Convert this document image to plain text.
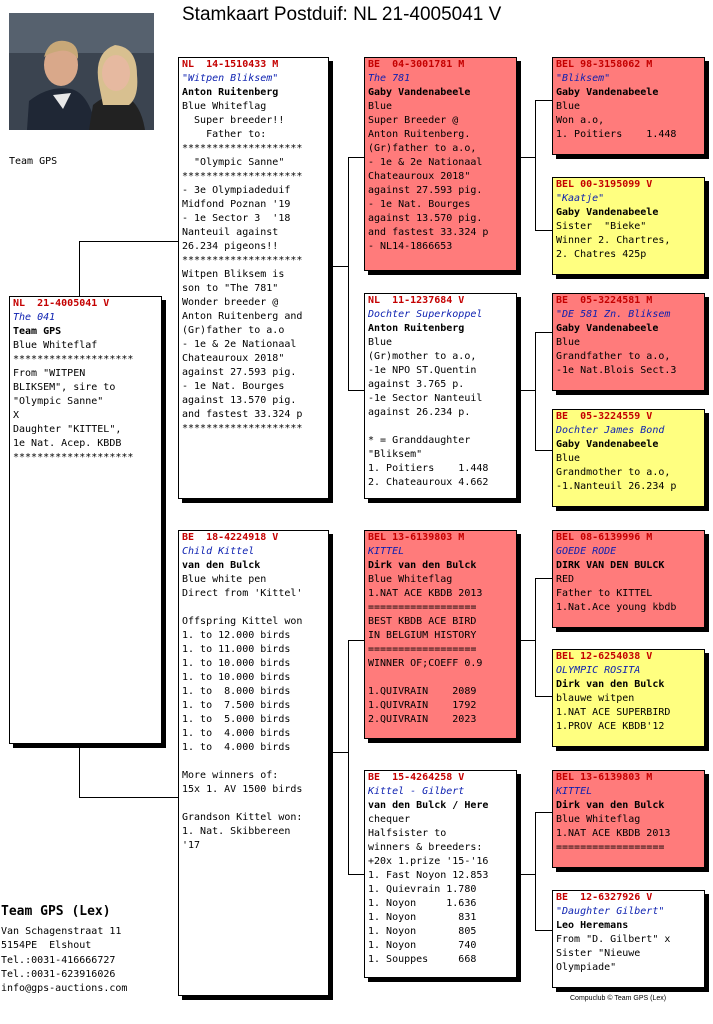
Stamkaart Postduif: NL 21-4005041 V
Team GPS
NL  21-4005041 V
The 041
Team GPS
Blue Whiteflaf
********************
From "WITPEN
BLIKSEM", sire to
"Olympic Sanne"
X
Daughter "KITTEL",
1e Nat. Acep. KBDB
********************
NL  14-1510433 M
"Witpen Bliksem"
Anton Ruitenberg
Blue Whiteflag
Super breeder!!
Father to:
********************
"Olympic Sanne"
********************
- 3e Olympiadeduif
Midfond Poznan '19
- 1e Sector 3  '18
Nanteuil against
26.234 pigeons!!
********************
Witpen Bliksem is
son to "The 781"
Wonder breeder @
Anton Ruitenberg and
(Gr)father to a.o
- 1e & 2e Nationaal
Chateauroux 2018"
against 27.593 pig.
- 1e Nat. Bourges
against 13.570 pig.
and fastest 33.324 p
********************
BE  18-4224918 V
Child Kittel
van den Bulck
Blue white pen
Direct from 'Kittel'
Offspring Kittel won
1. to 12.000 birds
1. to 11.000 birds
1. to 10.000 birds
1. to 10.000 birds
1. to  8.000 birds
1. to  7.500 birds
1. to  5.000 birds
1. to  4.000 birds
1. to  4.000 birds
More winners of:
15x 1. AV 1500 birds
Grandson Kittel won:
1. Nat. Skibbereen
'17
BE  04-3001781 M
The 781
Gaby Vandenabeele
Blue
Super Breeder @
Anton Ruitenberg.
(Gr)father to a.o,
- 1e & 2e Nationaal
Chateauroux 2018"
against 27.593 pig.
- 1e Nat. Bourges
against 13.570 pig.
and fastest 33.324 p
- NL14-1866653
NL  11-1237684 V
Dochter Superkoppel
Anton Ruitenberg
Blue
(Gr)mother to a.o,
-1e NPO ST.Quentin
against 3.765 p.
-1e Sector Nanteuil
against 26.234 p.
* = Granddaughter
"Bliksem"
1. Poitiers    1.448
2. Chateauroux 4.662
BEL 13-6139803 M
KITTEL
Dirk van den Bulck
Blue Whiteflag
1.NAT ACE KBDB 2013
==================
BEST KBDB ACE BIRD
IN BELGIUM HISTORY
==================
WINNER OF;COEFF 0.9
1.QUIVRAIN    2089
1.QUIVRAIN    1792
2.QUIVRAIN    2023
BE  15-4264258 V
Kittel - Gilbert
van den Bulck / Here
chequer
Halfsister to
winners & breeders:
+20x 1.prize '15-'16
1. Fast Noyon 12.853
1. Quievrain 1.780
1. Noyon     1.636
1. Noyon       831
1. Noyon       805
1. Noyon       740
1. Souppes     668
BEL 98-3158062 M
"Bliksem"
Gaby Vandenabeele
Blue
Won a.o,
1. Poitiers    1.448
BEL 00-3195099 V
"Kaatje"
Gaby Vandenabeele
Sister  "Bieke"
Winner 2. Chartres,
2. Chatres 425p
BE  05-3224581 M
"DE 581 Zn. Bliksem
Gaby Vandenabeele
Blue
Grandfather to a.o,
-1e Nat.Blois Sect.3
BE  05-3224559 V
Dochter James Bond
Gaby Vandenabeele
Blue
Grandmother to a.o,
-1.Nanteuil 26.234 p
BEL 08-6139996 M
GOEDE RODE
DIRK VAN DEN BULCK
RED
Father to KITTEL
1.Nat.Ace young kbdb
BEL 12-6254038 V
OLYMPIC ROSITA
Dirk van den Bulck
blauwe witpen
1.NAT ACE SUPERBIRD
1.PROV ACE KBDB'12
BEL 13-6139803 M
KITTEL
Dirk van den Bulck
Blue Whiteflag
1.NAT ACE KBDB 2013
==================
BE  12-6327926 V
"Daughter Gilbert"
Leo Heremans
From "D. Gilbert" x
Sister "Nieuwe
Olympiade"
Team GPS (Lex)
Van Schagenstraat 11
5154PE  Elshout
Tel.:0031-416666727
Tel.:0031-623916026
info@gps-auctions.com
Compuclub © Team GPS (Lex)
